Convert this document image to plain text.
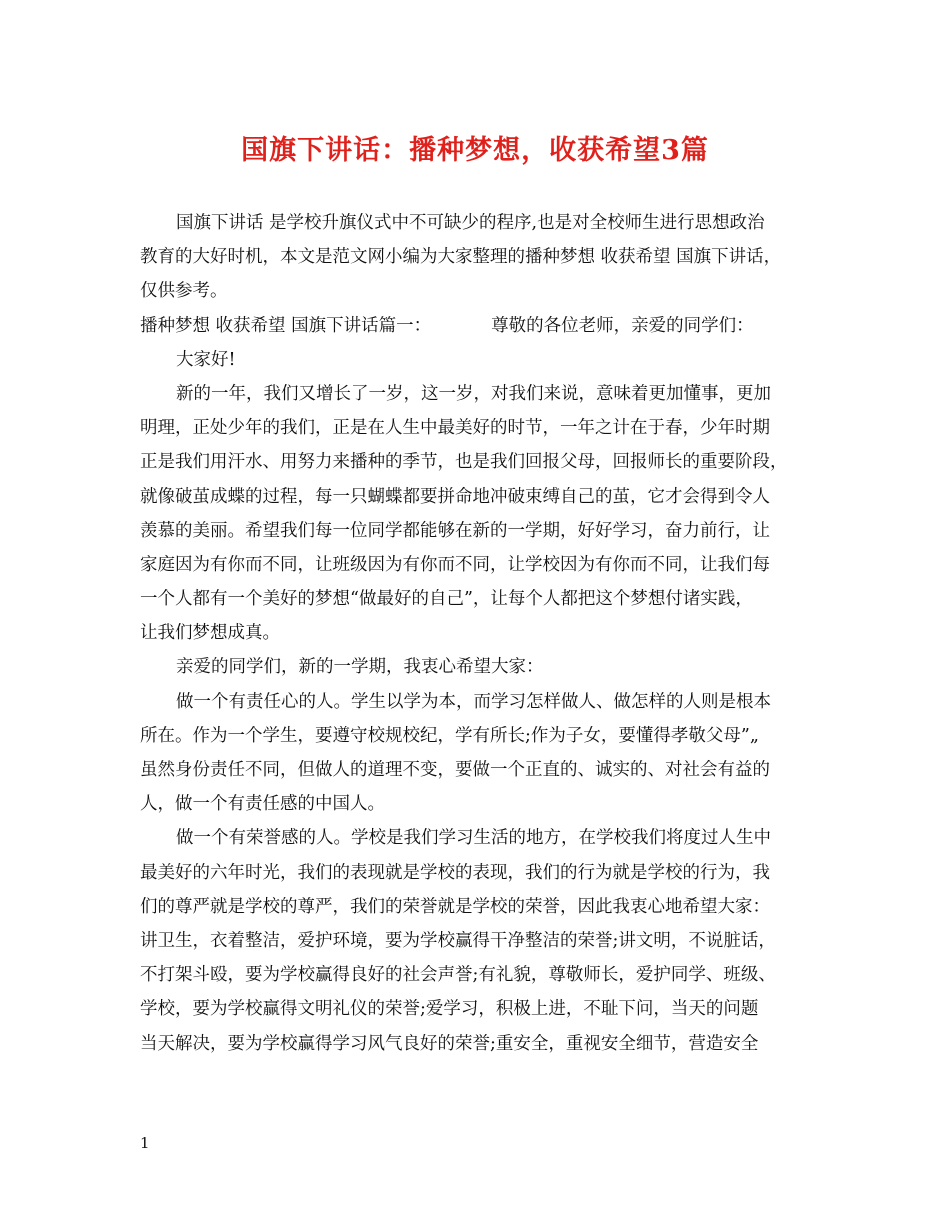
国旗下讲话：播种梦想，收获希望3篇
国旗下讲话 是学校升旗仪式中不可缺少的程序,也是对全校师生进行思想政治
教育的大好时机，本文是范文网小编为大家整理的播种梦想 收获希望 国旗下讲话，
仅供参考。
播种梦想 收获希望 国旗下讲话篇一：	尊敬的各位老师，亲爱的同学们：
大家好!
新的一年，我们又增长了一岁，这一岁，对我们来说，意味着更加懂事，更加
明理，正处少年的我们，正是在人生中最美好的时节，一年之计在于春，少年时期
正是我们用汗水、用努力来播种的季节，也是我们回报父母，回报师长的重要阶段，
就像破茧成蝶的过程，每一只蝴蝶都要拼命地冲破束缚自己的茧，它才会得到令人
羡慕的美丽。希望我们每一位同学都能够在新的一学期，好好学习，奋力前行，让
家庭因为有你而不同，让班级因为有你而不同，让学校因为有你而不同，让我们每
一个人都有一个美好的梦想“做最好的自己”，让每个人都把这个梦想付诸实践，
让我们梦想成真。
亲爱的同学们，新的一学期，我衷心希望大家：
做一个有责任心的人。学生以学为本，而学习怎样做人、做怎样的人则是根本
所在。作为一个学生，要遵守校规校纪，学有所长;作为子女，要懂得孝敬父母”„
虽然身份责任不同，但做人的道理不变，要做一个正直的、诚实的、对社会有益的
人，做一个有责任感的中国人。
做一个有荣誉感的人。学校是我们学习生活的地方，在学校我们将度过人生中
最美好的六年时光，我们的表现就是学校的表现，我们的行为就是学校的行为，我
们的尊严就是学校的尊严，我们的荣誉就是学校的荣誉，因此我衷心地希望大家：
讲卫生，衣着整洁，爱护环境，要为学校赢得干净整洁的荣誉;讲文明，不说脏话，
不打架斗殴，要为学校赢得良好的社会声誉;有礼貌，尊敬师长，爱护同学、班级、
学校，要为学校赢得文明礼仪的荣誉;爱学习，积极上进，不耻下问，当天的问题
当天解决，要为学校赢得学习风气良好的荣誉;重安全，重视安全细节，营造安全
1
